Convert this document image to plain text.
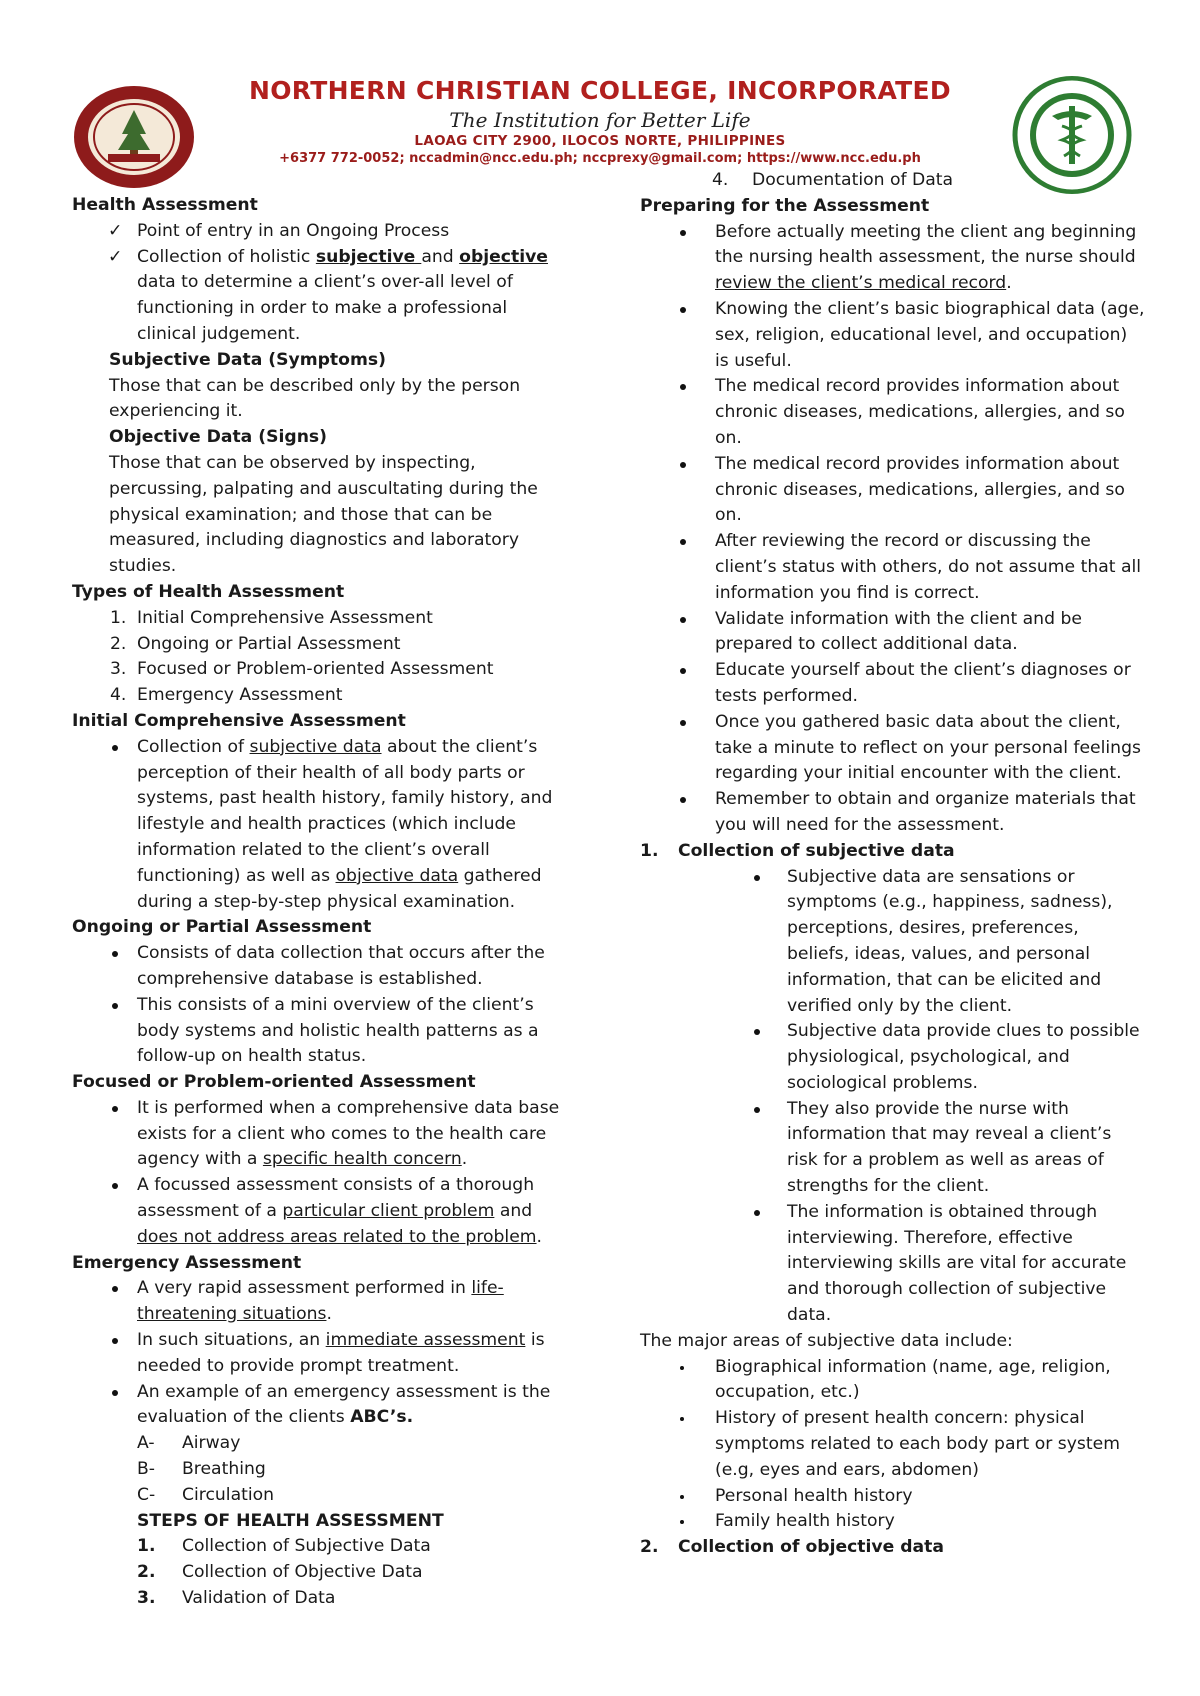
NORTHERN CHRISTIAN COLLEGE, INCORPORATED
The Institution for Better Life
LAOAG CITY 2900, ILOCOS NORTE, PHILIPPINES
+6377 772-0052; nccadmin@ncc.edu.ph; nccprexy@gmail.com; https://www.ncc.edu.ph
Health Assessment
✓ Point of entry in an Ongoing Process
✓ Collection of holistic subjective and objective data to determine a client’s over-all level of functioning in order to make a professional clinical judgement.
Subjective Data (Symptoms)
Those that can be described only by the person experiencing it.
Objective Data (Signs)
Those that can be observed by inspecting, percussing, palpating and auscultating during the physical examination; and those that can be measured, including diagnostics and laboratory studies.
Types of Health Assessment
1. Initial Comprehensive Assessment
2. Ongoing or Partial Assessment
3. Focused or Problem-oriented Assessment
4. Emergency Assessment
Initial Comprehensive Assessment
Collection of subjective data about the client’s perception of their health of all body parts or systems, past health history, family history, and lifestyle and health practices (which include information related to the client’s overall functioning) as well as objective data gathered during a step-by-step physical examination.
Ongoing or Partial Assessment
Consists of data collection that occurs after the comprehensive database is established.
This consists of a mini overview of the client’s body systems and holistic health patterns as a follow-up on health status.
Focused or Problem-oriented Assessment
It is performed when a comprehensive data base exists for a client who comes to the health care agency with a specific health concern.
A focussed assessment consists of a thorough assessment of a particular client problem and does not address areas related to the problem.
Emergency Assessment
A very rapid assessment performed in life-threatening situations.
In such situations, an immediate assessment is needed to provide prompt treatment.
An example of an emergency assessment is the evaluation of the clients ABC’s.
A- Airway
B- Breathing
C- Circulation
STEPS OF HEALTH ASSESSMENT
1. Collection of Subjective Data
2. Collection of Objective Data
3. Validation of Data
4. Documentation of Data
Preparing for the Assessment
Before actually meeting the client ang beginning the nursing health assessment, the nurse should review the client’s medical record.
Knowing the client’s basic biographical data (age, sex, religion, educational level, and occupation) is useful.
The medical record provides information about chronic diseases, medications, allergies, and so on.
The medical record provides information about chronic diseases, medications, allergies, and so on.
After reviewing the record or discussing the client’s status with others, do not assume that all information you find is correct.
Validate information with the client and be prepared to collect additional data.
Educate yourself about the client’s diagnoses or tests performed.
Once you gathered basic data about the client, take a minute to reflect on your personal feelings regarding your initial encounter with the client.
Remember to obtain and organize materials that you will need for the assessment.
1. Collection of subjective data
Subjective data are sensations or symptoms (e.g., happiness, sadness), perceptions, desires, preferences, beliefs, ideas, values, and personal information, that can be elicited and verified only by the client.
Subjective data provide clues to possible physiological, psychological, and sociological problems.
They also provide the nurse with information that may reveal a client’s risk for a problem as well as areas of strengths for the client.
The information is obtained through interviewing. Therefore, effective interviewing skills are vital for accurate and thorough collection of subjective data.
The major areas of subjective data include:
Biographical information (name, age, religion, occupation, etc.)
History of present health concern: physical symptoms related to each body part or system (e.g, eyes and ears, abdomen)
Personal health history
Family health history
2. Collection of objective data
